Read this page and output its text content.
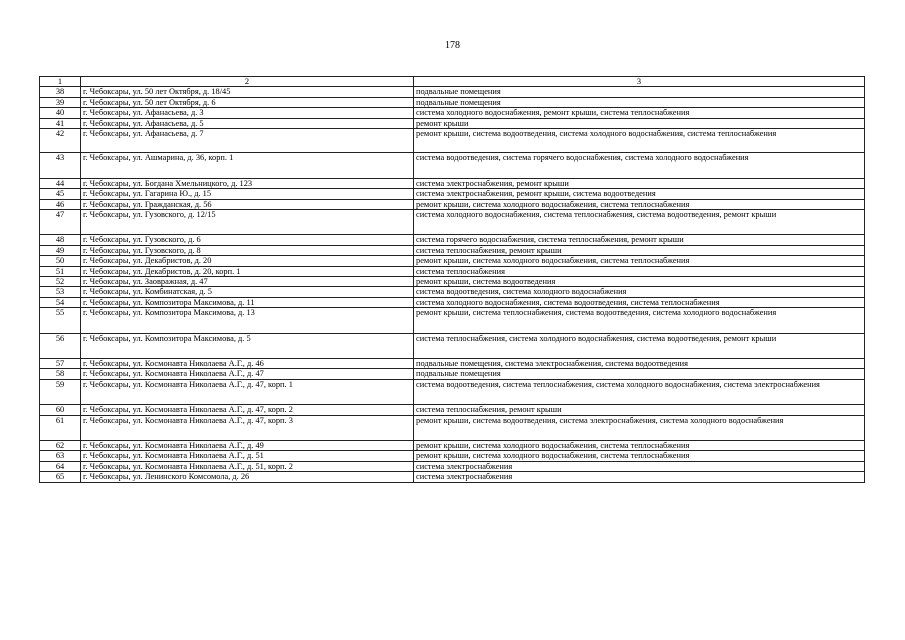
178
1	2	3
38	г. Чебоксары, ул. 50 лет Октября, д. 18/45	подвальные помещения
39	г. Чебоксары, ул. 50 лет Октября, д. 6	подвальные помещения
40	г. Чебоксары, ул. Афанасьева, д. 3	система холодного водоснабжения, ремонт крыши, система теплоснабжения
41	г. Чебоксары, ул. Афанасьева, д. 5	ремонт крыши
42	г. Чебоксары, ул. Афанасьева, д. 7	ремонт крыши, система водоотведения, система холодного водоснабжения, система теплоснабжения
43	г. Чебоксары, ул. Ашмарина, д. 36, корп. 1	система водоотведения, система горячего водоснабжения, система холодного водоснабжения
44	г. Чебоксары, ул. Богдана Хмельницкого, д. 123	система электроснабжения, ремонт крыши
45	г. Чебоксары, ул. Гагарина Ю., д. 15	система электроснабжения, ремонт крыши, система водоотведения
46	г. Чебоксары, ул. Гражданская, д. 56	ремонт крыши, система холодного водоснабжения, система теплоснабжения
47	г. Чебоксары, ул. Гузовского, д. 12/15	система холодного водоснабжения, система теплоснабжения, система водоотведения, ремонт крыши
48	г. Чебоксары, ул. Гузовского, д. 6	система горячего водоснабжения, система теплоснабжения, ремонт крыши
49	г. Чебоксары, ул. Гузовского, д. 8	система теплоснабжения, ремонт крыши
50	г. Чебоксары, ул. Декабристов, д. 20	ремонт крыши, система холодного водоснабжения, система теплоснабжения
51	г. Чебоксары, ул. Декабристов, д. 20, корп. 1	система теплоснабжения
52	г. Чебоксары, ул. Заовражная, д. 47	ремонт крыши, система водоотведения
53	г. Чебоксары, ул. Комбинатская, д. 5	система водоотведения, система холодного водоснабжения
54	г. Чебоксары, ул. Композитора Максимова, д. 11	система холодного водоснабжения, система водоотведения, система теплоснабжения
55	г. Чебоксары, ул. Композитора Максимова, д. 13	ремонт крыши, система теплоснабжения, система водоотведения, система холодного водоснабжения
56	г. Чебоксары, ул. Композитора Максимова, д. 5	система теплоснабжения, система холодного водоснабжения, система водоотведения, ремонт крыши
57	г. Чебоксары, ул. Космонавта Николаева А.Г., д. 46	подвальные помещения, система электроснабжения, система водоотведения
58	г. Чебоксары, ул. Космонавта Николаева А.Г., д. 47	подвальные помещения
59	г. Чебоксары, ул. Космонавта Николаева А.Г., д. 47, корп. 1	система водоотведения, система теплоснабжения, система холодного водоснабжения, система электроснабжения
60	г. Чебоксары, ул. Космонавта Николаева А.Г., д. 47, корп. 2	система теплоснабжения, ремонт крыши
61	г. Чебоксары, ул. Космонавта Николаева А.Г., д. 47, корп. 3	ремонт крыши, система водоотведения, система электроснабжения, система холодного водоснабжения
62	г. Чебоксары, ул. Космонавта Николаева А.Г., д. 49	ремонт крыши, система холодного водоснабжения, система теплоснабжения
63	г. Чебоксары, ул. Космонавта Николаева А.Г., д. 51	ремонт крыши, система холодного водоснабжения, система теплоснабжения
64	г. Чебоксары, ул. Космонавта Николаева А.Г., д. 51, корп. 2	система электроснабжения
65	г. Чебоксары, ул. Ленинского Комсомола, д. 26	система электроснабжения
